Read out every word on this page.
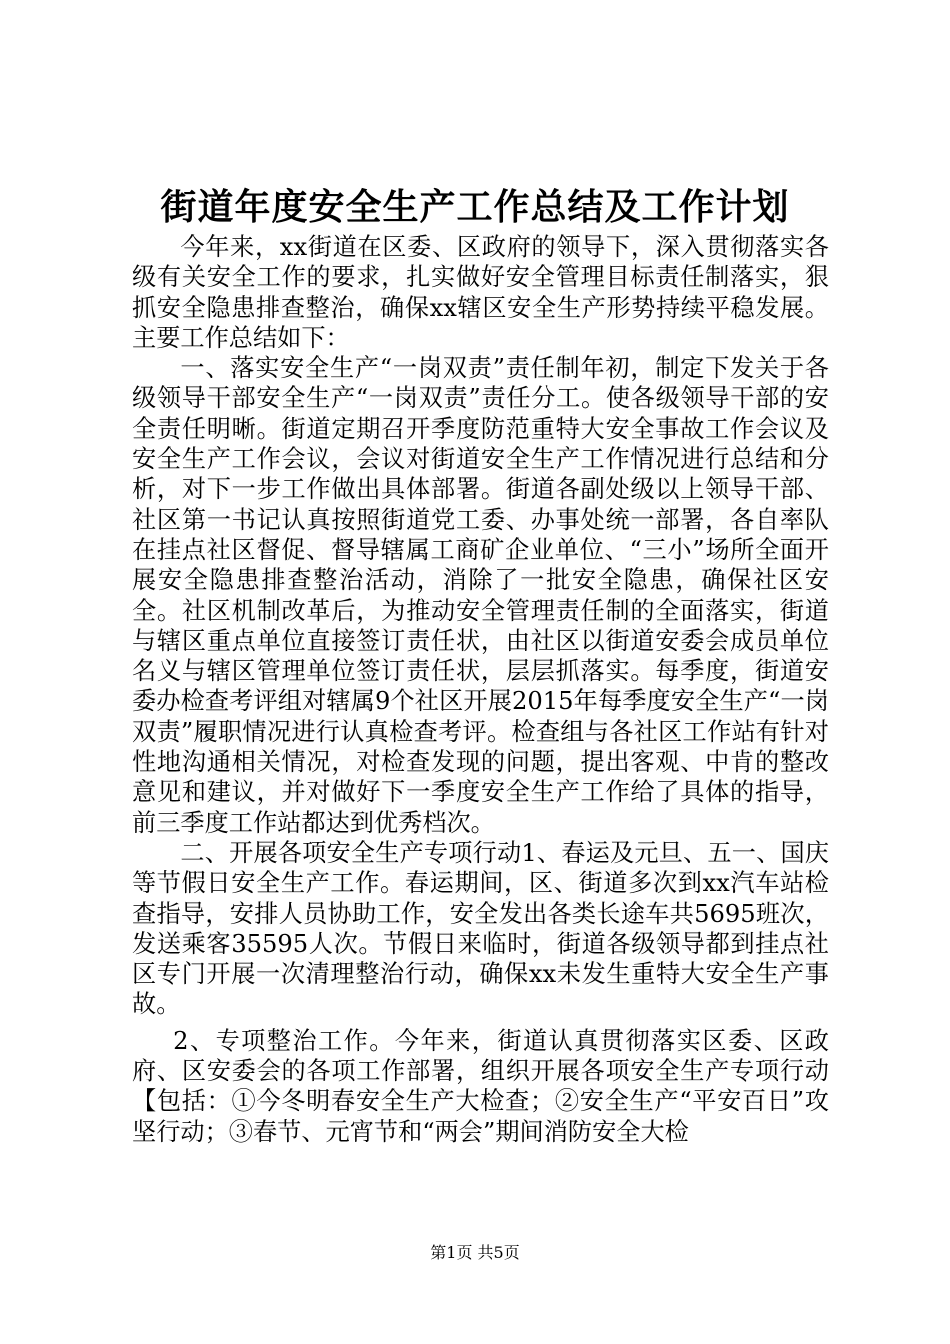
街道年度安全生产工作总结及工作计划

今年来，xx街道在区委、区政府的领导下，深入贯彻落实各级有关安全工作的要求，扎实做好安全管理目标责任制落实，狠抓安全隐患排查整治，确保xx辖区安全生产形势持续平稳发展。主要工作总结如下：

一、落实安全生产“一岗双责”责任制年初，制定下发关于各级领导干部安全生产“一岗双责”责任分工。使各级领导干部的安全责任明晰。街道定期召开季度防范重特大安全事故工作会议及安全生产工作会议，会议对街道安全生产工作情况进行总结和分析，对下一步工作做出具体部署。街道各副处级以上领导干部、社区第一书记认真按照街道党工委、办事处统一部署，各自率队在挂点社区督促、督导辖属工商矿企业单位、“三小”场所全面开展安全隐患排查整治活动，消除了一批安全隐患，确保社区安全。社区机制改革后，为推动安全管理责任制的全面落实，街道与辖区重点单位直接签订责任状，由社区以街道安委会成员单位名义与辖区管理单位签订责任状，层层抓落实。每季度，街道安委办检查考评组对辖属9个社区开展2015年每季度安全生产“一岗双责”履职情况进行认真检查考评。检查组与各社区工作站有针对性地沟通相关情况，对检查发现的问题，提出客观、中肯的整改意见和建议，并对做好下一季度安全生产工作给了具体的指导，前三季度工作站都达到优秀档次。

二、开展各项安全生产专项行动1、春运及元旦、五一、国庆等节假日安全生产工作。春运期间，区、街道多次到xx汽车站检查指导，安排人员协助工作，安全发出各类长途车共5695班次，发送乘客35595人次。节假日来临时，街道各级领导都到挂点社区专门开展一次清理整治行动，确保xx未发生重特大安全生产事故。

2、专项整治工作。今年来，街道认真贯彻落实区委、区政府、区安委会的各项工作部署，组织开展各项安全生产专项行动【包括：①今冬明春安全生产大检查；②安全生产“平安百日”攻坚行动；③春节、元宵节和“两会”期间消防安全大检

第1页 共5页
